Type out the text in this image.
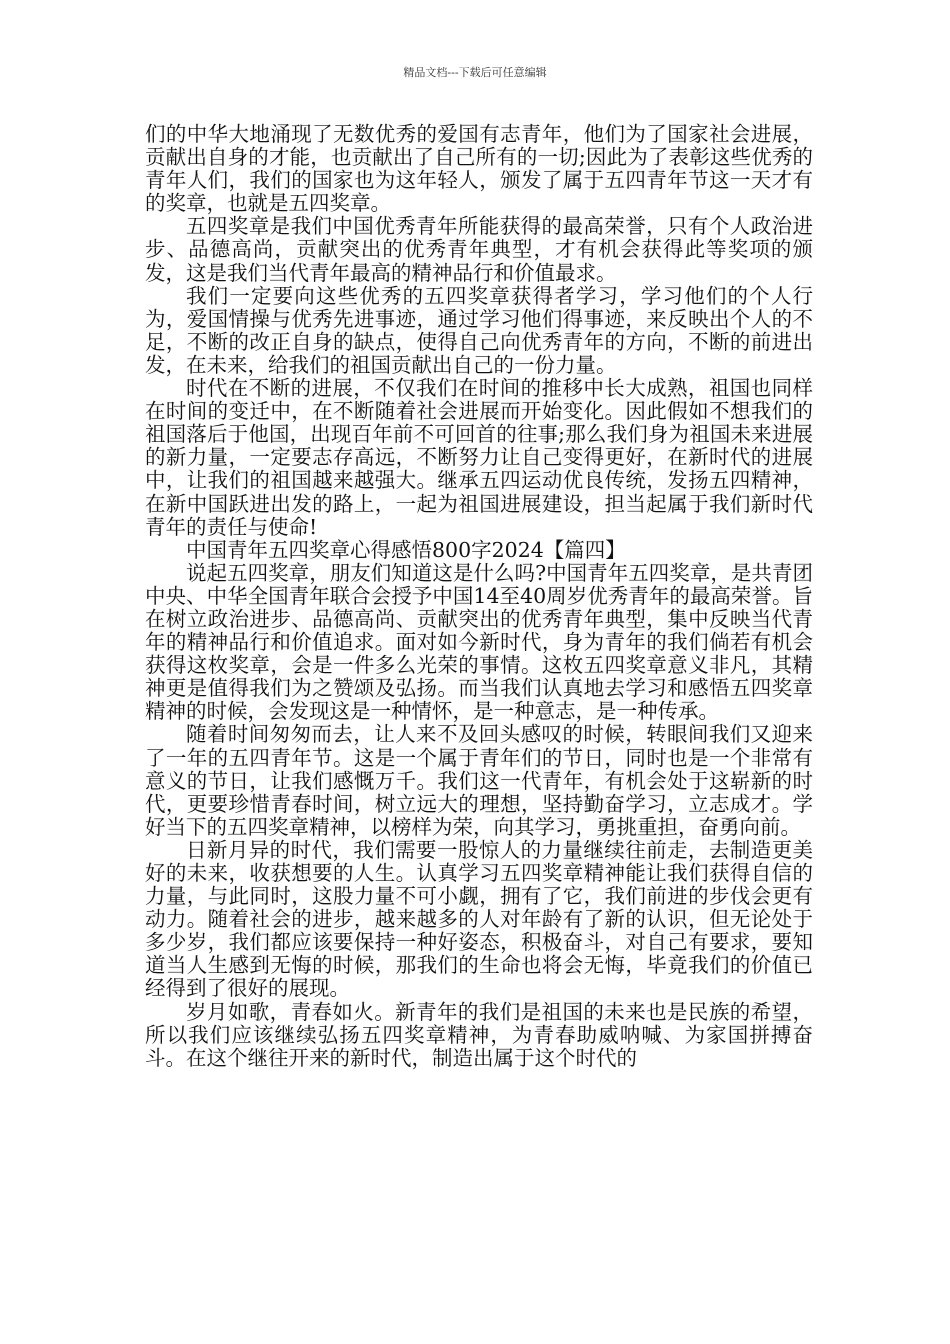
精品文档---下载后可任意编辑

们的中华大地涌现了无数优秀的爱国有志青年，他们为了国家社会进展，贡献出自身的才能，也贡献出了自己所有的一切;因此为了表彰这些优秀的青年人们，我们的国家也为这年轻人，颁发了属于五四青年节这一天才有的奖章，也就是五四奖章。

五四奖章是我们中国优秀青年所能获得的最高荣誉，只有个人政治进步、品德高尚，贡献突出的优秀青年典型，才有机会获得此等奖项的颁发，这是我们当代青年最高的精神品行和价值最求。

我们一定要向这些优秀的五四奖章获得者学习，学习他们的个人行为，爱国情操与优秀先进事迹，通过学习他们得事迹，来反映出个人的不足，不断的改正自身的缺点，使得自己向优秀青年的方向，不断的前进出发，在未来，给我们的祖国贡献出自己的一份力量。

时代在不断的进展，不仅我们在时间的推移中长大成熟，祖国也同样在时间的变迁中，在不断随着社会进展而开始变化。因此假如不想我们的祖国落后于他国，出现百年前不可回首的往事;那么我们身为祖国未来进展的新力量，一定要志存高远，不断努力让自己变得更好，在新时代的进展中，让我们的祖国越来越强大。继承五四运动优良传统，发扬五四精神，在新中国跃进出发的路上，一起为祖国进展建设，担当起属于我们新时代青年的责任与使命!

中国青年五四奖章心得感悟800字2024【篇四】

说起五四奖章，朋友们知道这是什么吗?中国青年五四奖章，是共青团中央、中华全国青年联合会授予中国14至40周岁优秀青年的最高荣誉。旨在树立政治进步、品德高尚、贡献突出的优秀青年典型，集中反映当代青年的精神品行和价值追求。面对如今新时代，身为青年的我们倘若有机会获得这枚奖章，会是一件多么光荣的事情。这枚五四奖章意义非凡，其精神更是值得我们为之赞颂及弘扬。而当我们认真地去学习和感悟五四奖章精神的时候，会发现这是一种情怀，是一种意志，是一种传承。

随着时间匆匆而去，让人来不及回头感叹的时候，转眼间我们又迎来了一年的五四青年节。这是一个属于青年们的节日，同时也是一个非常有意义的节日，让我们感慨万千。我们这一代青年，有机会处于这崭新的时代，更要珍惜青春时间，树立远大的理想，坚持勤奋学习，立志成才。学好当下的五四奖章精神，以榜样为荣，向其学习，勇挑重担，奋勇向前。

日新月异的时代，我们需要一股惊人的力量继续往前走，去制造更美好的未来，收获想要的人生。认真学习五四奖章精神能让我们获得自信的力量，与此同时，这股力量不可小觑，拥有了它，我们前进的步伐会更有动力。随着社会的进步，越来越多的人对年龄有了新的认识，但无论处于多少岁，我们都应该要保持一种好姿态，积极奋斗，对自己有要求，要知道当人生感到无悔的时候，那我们的生命也将会无悔，毕竟我们的价值已经得到了很好的展现。

岁月如歌，青春如火。新青年的我们是祖国的未来也是民族的希望，所以我们应该继续弘扬五四奖章精神，为青春助威呐喊、为家国拼搏奋斗。在这个继往开来的新时代，制造出属于这个时代的
